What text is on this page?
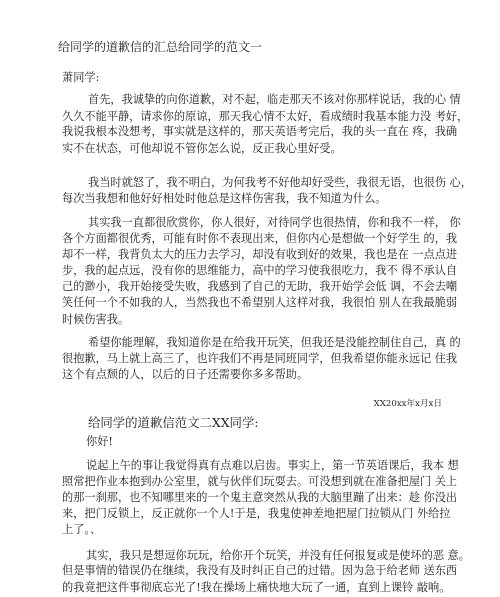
给同学的道歉信的汇总给同学的范文一
萧同学:
首先，我诚挚的向你道歉，对不起，临走那天不该对你那样说话，我的心 情
久久不能平静，请求你的原谅，那天我心情不太好，看成绩时我基本能力没 考好，
我说我根本没想考，事实就是这样的，那天英语考完后，我的头一直在 疼，我确
实不在状态，可他却说不管你怎么说，反正我心里好受。
我当时就怒了，我不明白，为何我考不好他却好受些，我很无语，也很伤 心，
每次当我想和他好好相处时他总是这样伤害我，我不知道为什么。
其实我一直都很欣赏你，你人很好，对待同学也很热情，你和我不一样， 你
各个方面都很优秀，可能有时你不表现出来，但你内心是想做一个好学生 的，我
却不一样，我背负太大的压力去学习，却没有收到好的效果，我也是在 一点点进
步，我的起点远，没有你的思维能力，高中的学习使我很吃力，我不 得不承认自
己的渺小，我开始接受失败，我感到了自己的无助，我开始学会低 调，不会去嘲
笑任何一个不如我的人，当然我也不希望别人这样对我，我很怕 别人在我最脆弱
时候伤害我。
希望你能理解，我知道你是在给我开玩笑，但我还是没能控制住自己，真 的
很抱歉，马上就上高三了，也许我们不再是同班同学，但我希望你能永远记 住我
这个有点颓的人，以后的日子还需要你多多帮助。
XX20xx年x月x日
给同学的道歉信范文二XX同学:
你好!
说起上午的事让我觉得真有点难以启齿。事实上，第一节英语课后，我本 想
照常把作业本抱到办公室里，就与伙伴们玩耍去。可没想到就在准备把屋门 关上
的那一刹那，也不知哪里来的一个鬼主意突然从我的大脑里蹦了出来：趁 你没出
来，把门反锁上，反正就你一个人!于是，我鬼使神差地把屋门拉锁从门 外给拉
上了。、
其实，我只是想逗你玩玩，给你开个玩笑，并没有任何报复或是使坏的恶 意。
但是事情的错误仍在继续，我没有及时纠正自己的过错。因为急于给老师 送东西
的我竟把这件事彻底忘光了!我在操场上痛快地大玩了一通，直到上课铃 敲响。
